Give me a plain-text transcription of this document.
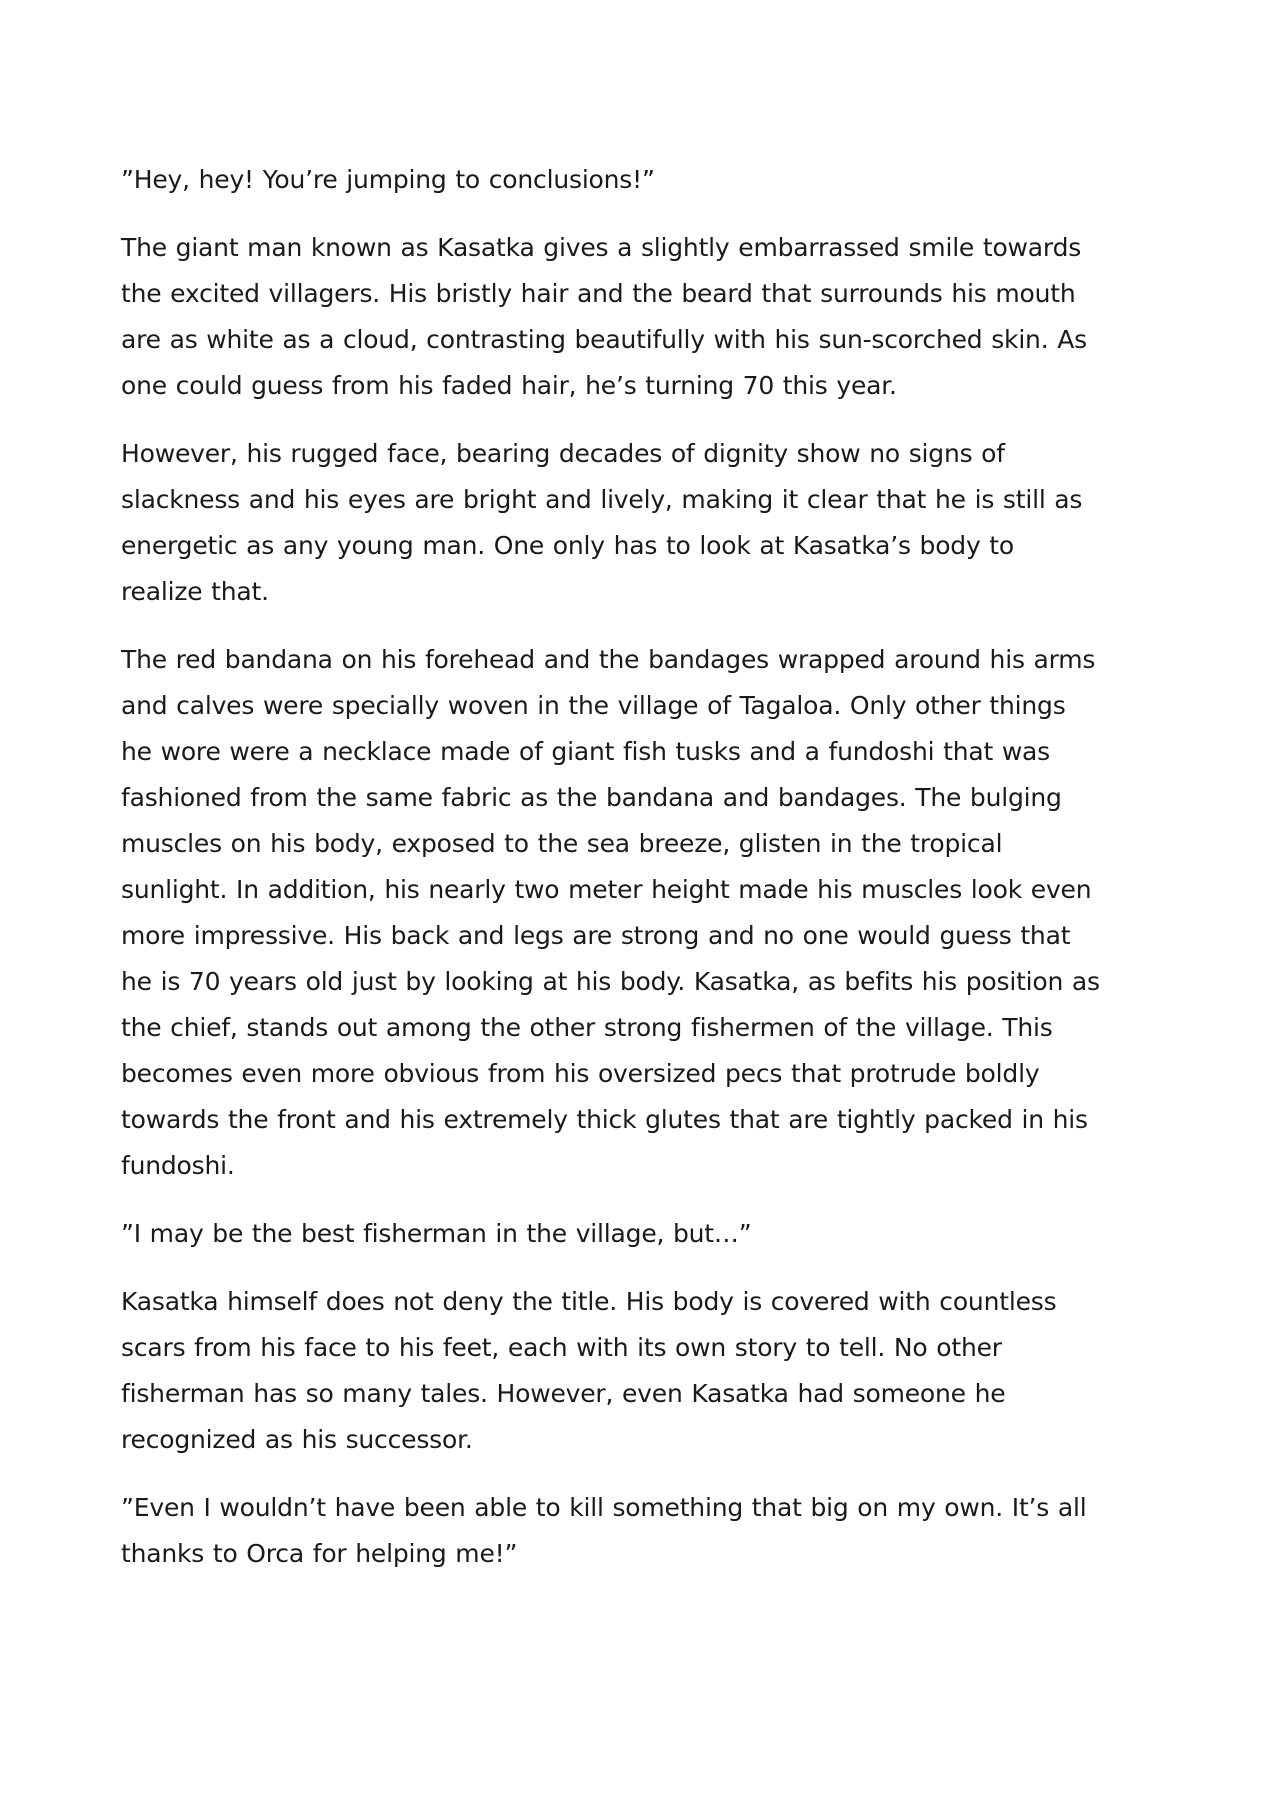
”Hey, hey! You’re jumping to conclusions!”

The giant man known as Kasatka gives a slightly embarrassed smile towards
the excited villagers. His bristly hair and the beard that surrounds his mouth
are as white as a cloud, contrasting beautifully with his sun-scorched skin. As
one could guess from his faded hair, he’s turning 70 this year.

However, his rugged face, bearing decades of dignity show no signs of
slackness and his eyes are bright and lively, making it clear that he is still as
energetic as any young man. One only has to look at Kasatka’s body to
realize that.

The red bandana on his forehead and the bandages wrapped around his arms
and calves were specially woven in the village of Tagaloa. Only other things
he wore were a necklace made of giant fish tusks and a fundoshi that was
fashioned from the same fabric as the bandana and bandages. The bulging
muscles on his body, exposed to the sea breeze, glisten in the tropical
sunlight. In addition, his nearly two meter height made his muscles look even
more impressive. His back and legs are strong and no one would guess that
he is 70 years old just by looking at his body. Kasatka, as befits his position as
the chief, stands out among the other strong fishermen of the village. This
becomes even more obvious from his oversized pecs that protrude boldly
towards the front and his extremely thick glutes that are tightly packed in his
fundoshi.

”I may be the best fisherman in the village, but…”

Kasatka himself does not deny the title. His body is covered with countless
scars from his face to his feet, each with its own story to tell. No other
fisherman has so many tales. However, even Kasatka had someone he
recognized as his successor.

”Even I wouldn’t have been able to kill something that big on my own. It’s all
thanks to Orca for helping me!”
